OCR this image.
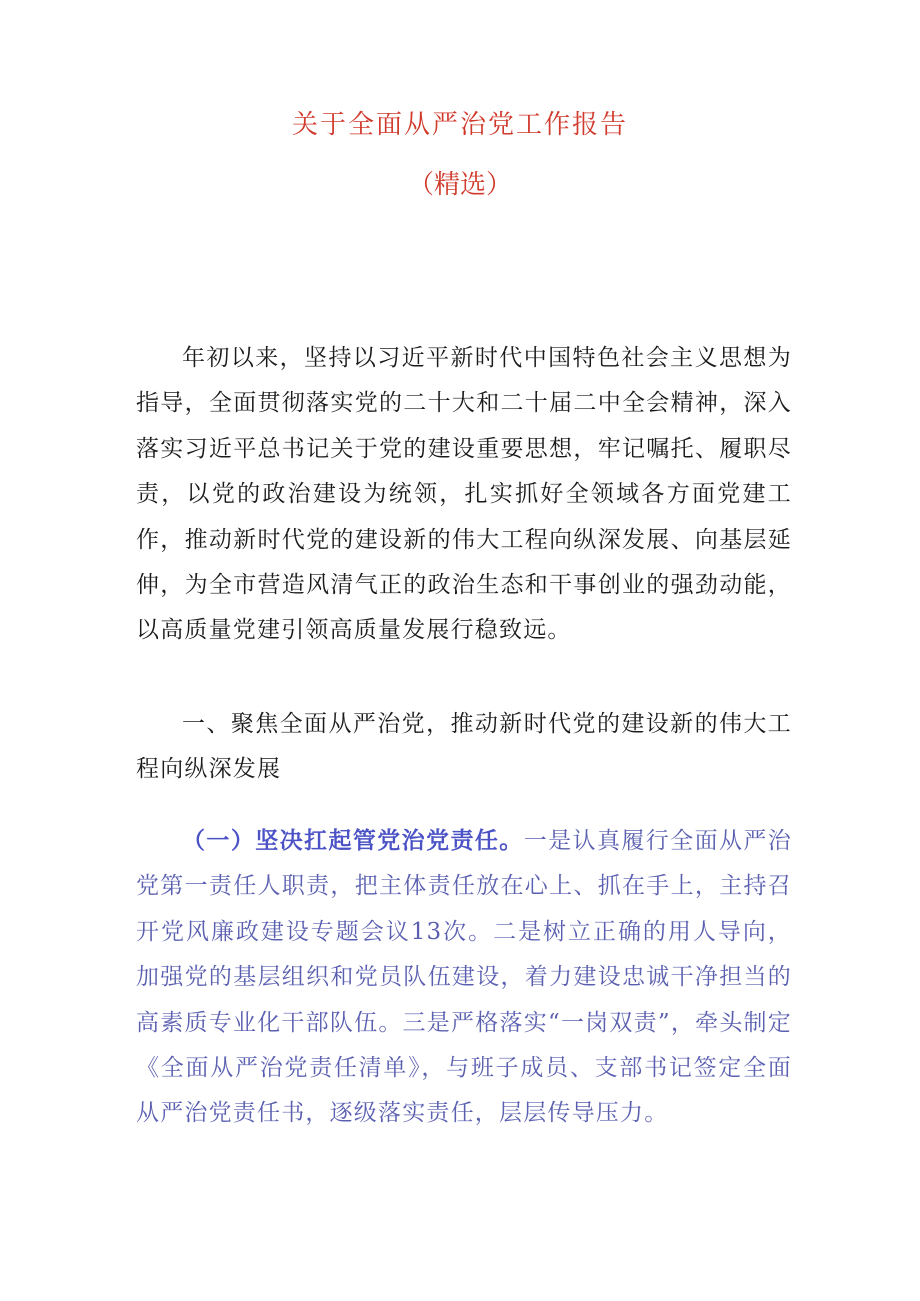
关于全面从严治党工作报告
（精选）

年初以来，坚持以习近平新时代中国特色社会主义思想为指导，全面贯彻落实党的二十大和二十届二中全会精神，深入落实习近平总书记关于党的建设重要思想，牢记嘱托、履职尽责，以党的政治建设为统领，扎实抓好全领域各方面党建工作，推动新时代党的建设新的伟大工程向纵深发展、向基层延伸，为全市营造风清气正的政治生态和干事创业的强劲动能，以高质量党建引领高质量发展行稳致远。

一、聚焦全面从严治党，推动新时代党的建设新的伟大工程向纵深发展

（一）坚决扛起管党治党责任。一是认真履行全面从严治党第一责任人职责，把主体责任放在心上、抓在手上，主持召开党风廉政建设专题会议13次。二是树立正确的用人导向，加强党的基层组织和党员队伍建设，着力建设忠诚干净担当的高素质专业化干部队伍。三是严格落实“一岗双责”，牵头制定《全面从严治党责任清单》，与班子成员、支部书记签定全面从严治党责任书，逐级落实责任，层层传导压力。
